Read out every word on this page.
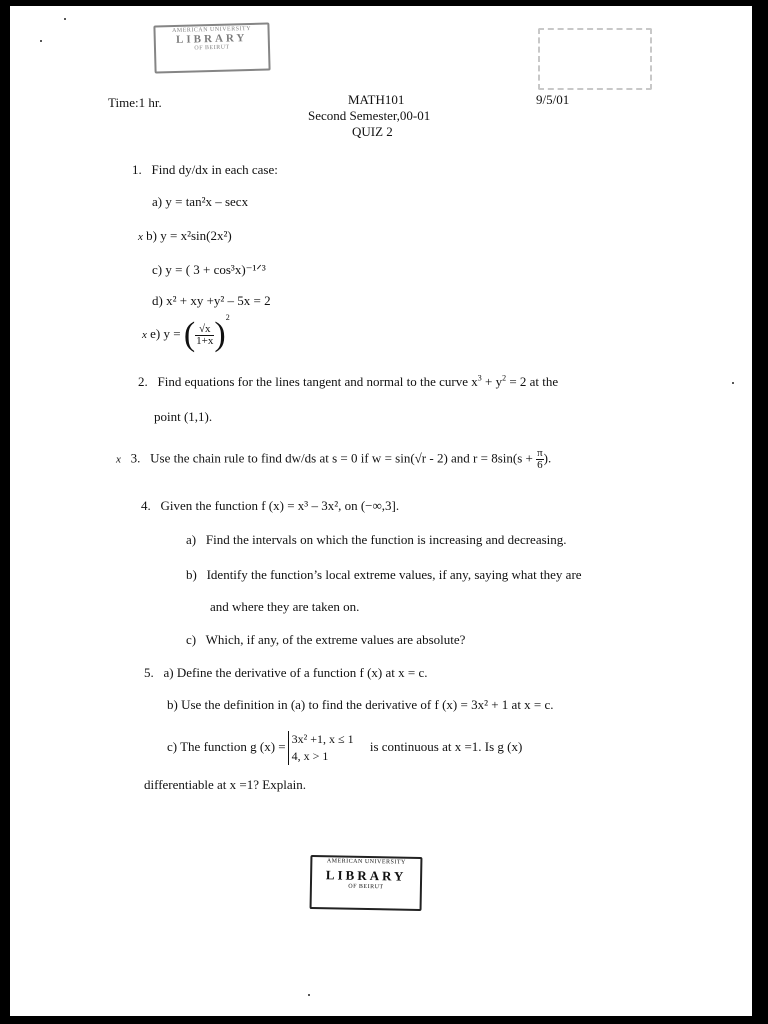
AMERICAN UNIVERSITY
LIBRARY
OF BEIRUT
Time:1 hr.	MATH101
Second Semester,00-01
QUIZ 2
9/5/01
1. Find dy/dx in each case:
a) y = tan²x – secx
x b) y = x²sin(2x²)
c) y = ( 3 + cos³x)⁻¹ᐟ³
d) x² + xy +y² – 5x = 2
x e) y = ( $\frac{√x}{1+x} )^2$
2. Find equations for the lines tangent and normal to the curve $x^3 + y^2 = 2$ at the
point (1,1).
x 3. Use the chain rule to find dw/ds at s = 0 if w = sin(√r - 2) and $r = 8\sin(s + \frac{\pi}{6}$ ).
4. Given the function f (x) = x³ – 3x², on (−∞,3].
a) Find the intervals on which the function is increasing and decreasing.
b) Identify the function’s local extreme values, if any, saying what they are
and where they are taken on.
c) Which, if any, of the extreme values are absolute?
5. a) Define the derivative of a function f (x) at x = c.
b) Use the definition in (a) to find the derivative of f (x) = 3x² + 1 at x = c.
c) The function g (x) = 3x² +1, x ≤ 1
4, x > 1
is continuous at x =1. Is g (x)
differentiable at x =1? Explain.
AMERICAN UNIVERSITY
LIBRARY
OF BEIRUT
